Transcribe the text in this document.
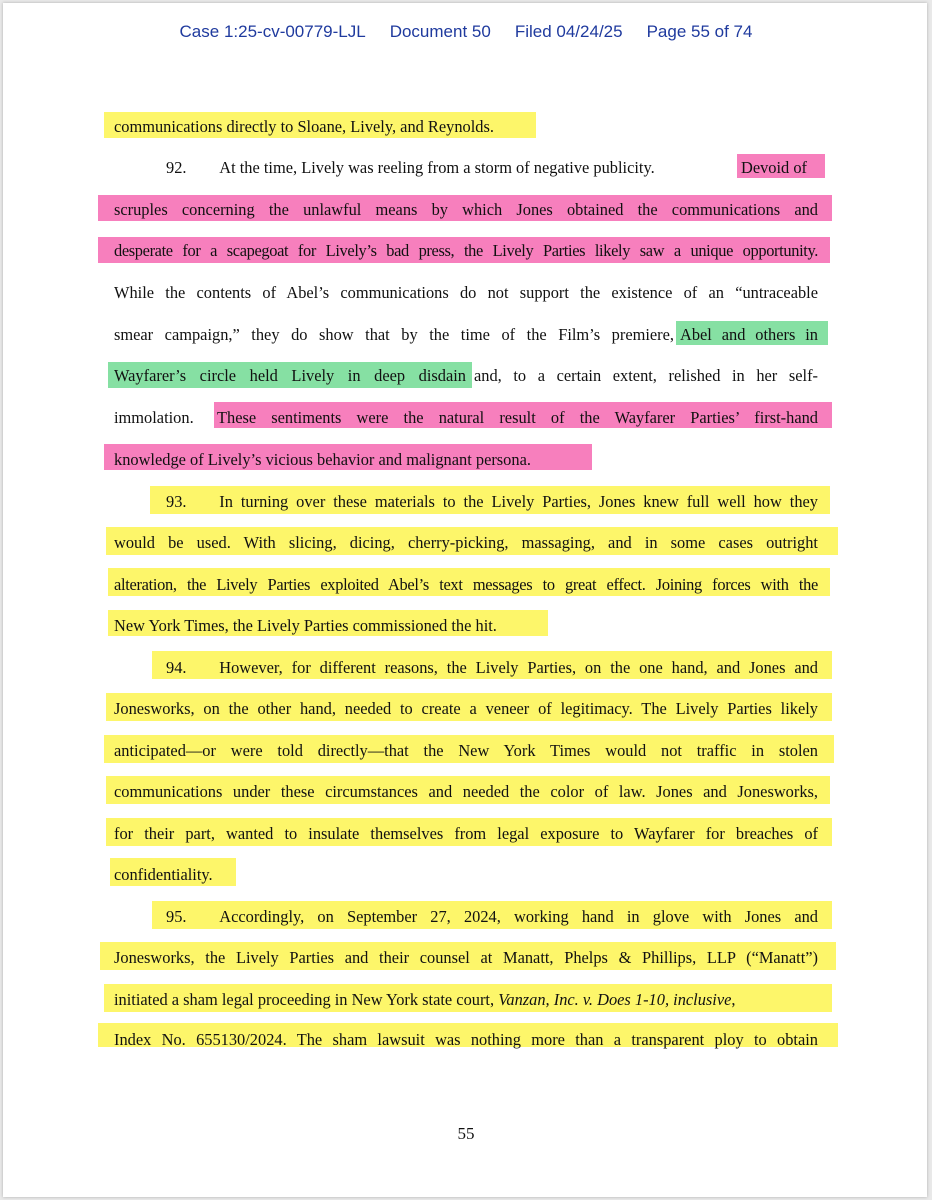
Case 1:25-cv-00779-LJL Document 50 Filed 04/24/25 Page 55 of 74
communications directly to Sloane, Lively, and Reynolds.
92.  At the time, Lively was reeling from a storm of negative publicity.	Devoid of
scruples concerning the unlawful means by which Jones obtained the communications and
desperate for a scapegoat for Lively’s bad press, the Lively Parties likely saw a unique opportunity.
While the contents of Abel’s communications do not support the existence of an “untraceable
smear campaign,” they do show that by the time of the Film’s premiere, Abel and others in
Wayfarer’s circle held Lively in deep disdain and, to a certain extent, relished in her self-
immolation. These sentiments were the natural result of the Wayfarer Parties’ first-hand
knowledge of Lively’s vicious behavior and malignant persona.
93.  In turning over these materials to the Lively Parties, Jones knew full well how they
would be used. With slicing, dicing, cherry-picking, massaging, and in some cases outright
alteration, the Lively Parties exploited Abel’s text messages to great effect. Joining forces with the
New York Times, the Lively Parties commissioned the hit.
94.  However, for different reasons, the Lively Parties, on the one hand, and Jones and
Jonesworks, on the other hand, needed to create a veneer of legitimacy. The Lively Parties likely
anticipated—or were told directly—that the New York Times would not traffic in stolen
communications under these circumstances and needed the color of law. Jones and Jonesworks,
for their part, wanted to insulate themselves from legal exposure to Wayfarer for breaches of
confidentiality.
95.  Accordingly, on September 27, 2024, working hand in glove with Jones and
Jonesworks, the Lively Parties and their counsel at Manatt, Phelps & Phillips, LLP (“Manatt”)
initiated a sham legal proceeding in New York state court, Vanzan, Inc. v. Does 1-10, inclusive,
Index No. 655130/2024. The sham lawsuit was nothing more than a transparent ploy to obtain
55
